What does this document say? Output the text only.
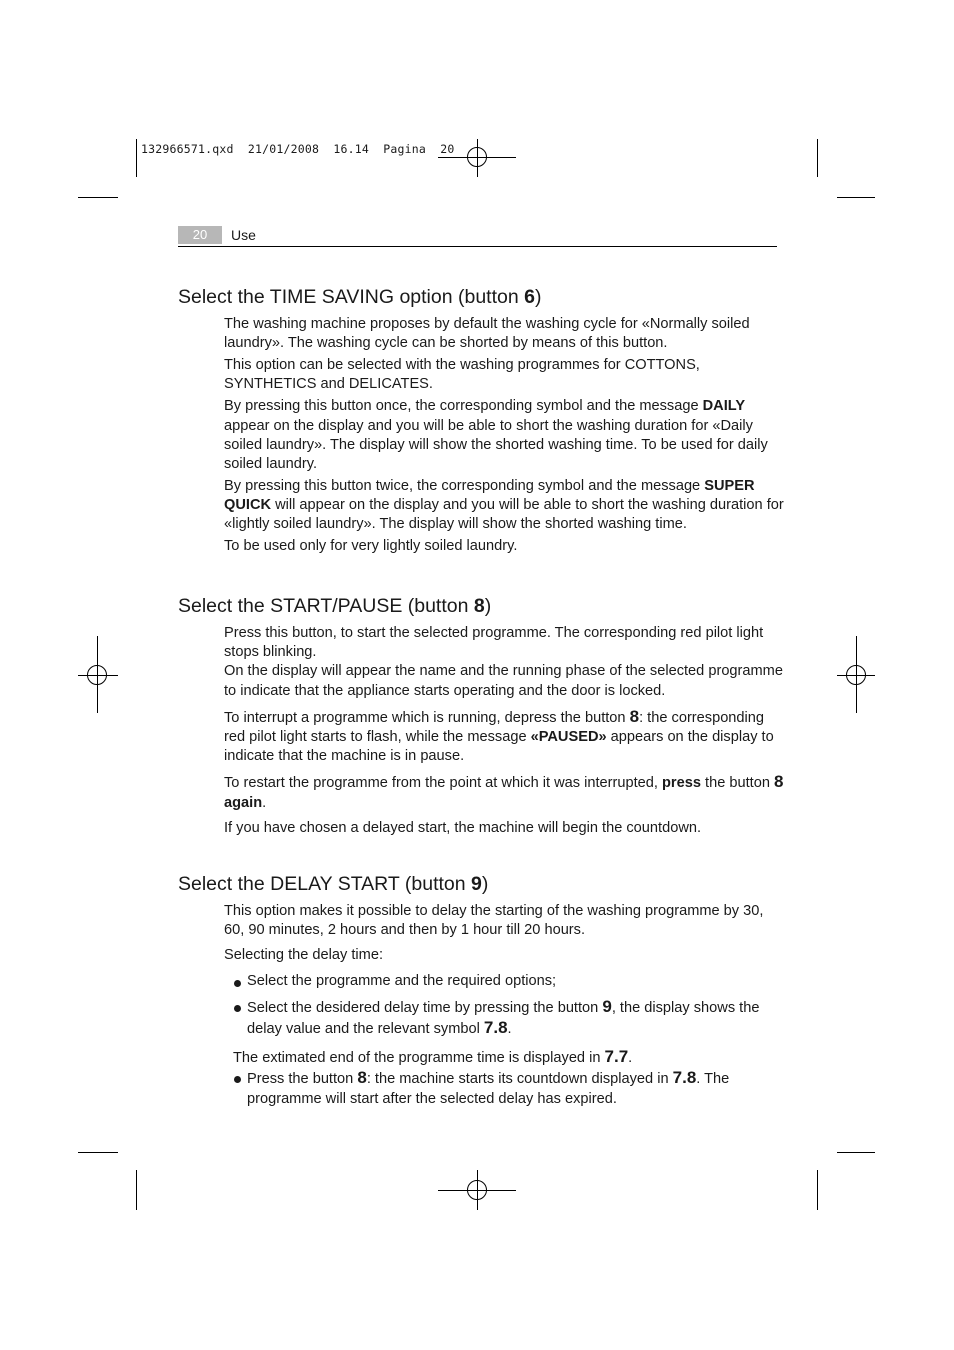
132966571.qxd 21/01/2008 16.14 Pagina 20
20	Use
Select the TIME SAVING option (button 6)

The washing machine proposes by default the washing cycle for «Normally soiled laundry». The washing cycle can be shorted by means of this button.

This option can be selected with the washing programmes for COTTONS, SYNTHETICS and DELICATES.

By pressing this button once, the corresponding symbol and the message DAILY appear on the display and you will be able to short the washing duration for «Daily soiled laundry». The display will show the shorted washing time. To be used for daily soiled laundry.

By pressing this button twice, the corresponding symbol and the message SUPER QUICK will appear on the display and you will be able to short the washing duration for «lightly soiled laundry». The display will show the shorted washing time.

To be used only for very lightly soiled laundry.

Select the START/PAUSE (button 8)

Press this button, to start the selected programme. The corresponding red pilot light stops blinking.

On the display will appear the name and the running phase of the selected programme to indicate that the appliance starts operating and the door is locked.

To interrupt a programme which is running, depress the button 8: the corresponding red pilot light starts to flash, while the message «PAUSED» appears on the display to indicate that the machine is in pause.

To restart the programme from the point at which it was interrupted, press the button 8 again.

If you have chosen a delayed start, the machine will begin the countdown.

Select the DELAY START (button 9)

This option makes it possible to delay the starting of the washing programme by 30, 60, 90 minutes, 2 hours and then by 1 hour till 20 hours.

Selecting the delay time:

Select the programme and the required options;
Select the desidered delay time by pressing the button 9, the display shows the delay value and the relevant symbol 7.8.

The extimated end of the programme time is displayed in 7.7.

Press the button 8: the machine starts its countdown displayed in 7.8. The programme will start after the selected delay has expired.
